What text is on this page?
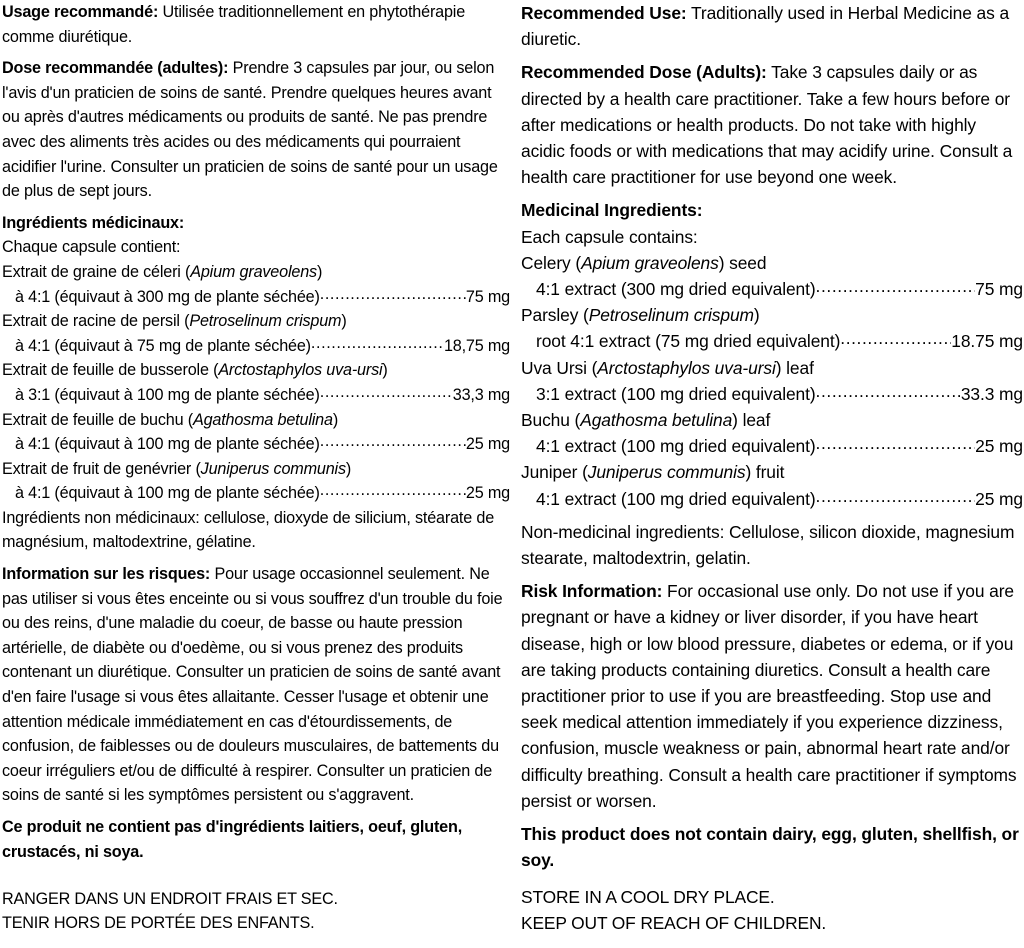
Usage recommandé: Utilisée traditionnellement en phytothérapie comme diurétique.

Dose recommandée (adultes): Prendre 3 capsules par jour, ou selon l'avis d'un praticien de soins de santé. Prendre quelques heures avant ou après d'autres médicaments ou produits de santé. Ne pas prendre avec des aliments très acides ou des médicaments qui pourraient acidifier l'urine. Consulter un praticien de soins de santé pour un usage de plus de sept jours.

Ingrédients médicinaux:

Chaque capsule contient:

Extrait de graine de céleri (Apium graveolens)

à 4:1 (équivaut à 300 mg de plante séchée) .....	75 mg

Extrait de racine de persil (Petroselinum crispum)

à 4:1 (équivaut à 75 mg de plante séchée) .....	18,75 mg

Extrait de feuille de busserole (Arctostaphylos uva-ursi)

à 3:1 (équivaut à 100 mg de plante séchée) .....	33,3 mg

Extrait de feuille de buchu (Agathosma betulina)

à 4:1 (équivaut à 100 mg de plante séchée) .....	25 mg

Extrait de fruit de genévrier (Juniperus communis)

à 4:1 (équivaut à 100 mg de plante séchée) .....	25 mg

Ingrédients non médicinaux: cellulose, dioxyde de silicium, stéarate de magnésium, maltodextrine, gélatine.

Information sur les risques: Pour usage occasionnel seulement. Ne pas utiliser si vous êtes enceinte ou si vous souffrez d'un trouble du foie ou des reins, d'une maladie du coeur, de basse ou haute pression artérielle, de diabète ou d'oedème, ou si vous prenez des produits contenant un diurétique. Consulter un praticien de soins de santé avant d'en faire l'usage si vous êtes allaitante. Cesser l'usage et obtenir une attention médicale immédiatement en cas d'étourdissements, de confusion, de faiblesses ou de douleurs musculaires, de battements du coeur irréguliers et/ou de difficulté à respirer. Consulter un praticien de soins de santé si les symptômes persistent ou s'aggravent.

Ce produit ne contient pas d'ingrédients laitiers, oeuf, gluten, crustacés, ni soya.

Recommended Use: Traditionally used in Herbal Medicine as a diuretic.

Recommended Dose (Adults): Take 3 capsules daily or as directed by a health care practitioner. Take a few hours before or after medications or health products. Do not take with highly acidic foods or with medications that may acidify urine. Consult a health care practitioner for use beyond one week.

Medicinal Ingredients:

Each capsule contains:

Celery (Apium graveolens) seed

4:1 extract (300 mg dried equivalent) .....	75 mg

Parsley (Petroselinum crispum)

root 4:1 extract (75 mg dried equivalent) .....	18.75 mg

Uva Ursi (Arctostaphylos uva-ursi) leaf

3:1 extract (100 mg dried equivalent) .....	33.3 mg

Buchu (Agathosma betulina) leaf

4:1 extract (100 mg dried equivalent) .....	25 mg

Juniper (Juniperus communis) fruit

4:1 extract (100 mg dried equivalent) .....	25 mg

Non-medicinal ingredients: Cellulose, silicon dioxide, magnesium stearate, maltodextrin, gelatin.

Risk Information: For occasional use only. Do not use if you are pregnant or have a kidney or liver disorder, if you have heart disease, high or low blood pressure, diabetes or edema, or if you are taking products containing diuretics. Consult a health care practitioner prior to use if you are breastfeeding. Stop use and seek medical attention immediately if you experience dizziness, confusion, muscle weakness or pain, abnormal heart rate and/or difficulty breathing. Consult a health care practitioner if symptoms persist or worsen.

This product does not contain dairy, egg, gluten, shellfish, or soy.

RANGER DANS UN ENDROIT FRAIS ET SEC.

TENIR HORS DE PORTÉE DES ENFANTS.

STORE IN A COOL DRY PLACE.

KEEP OUT OF REACH OF CHILDREN.
